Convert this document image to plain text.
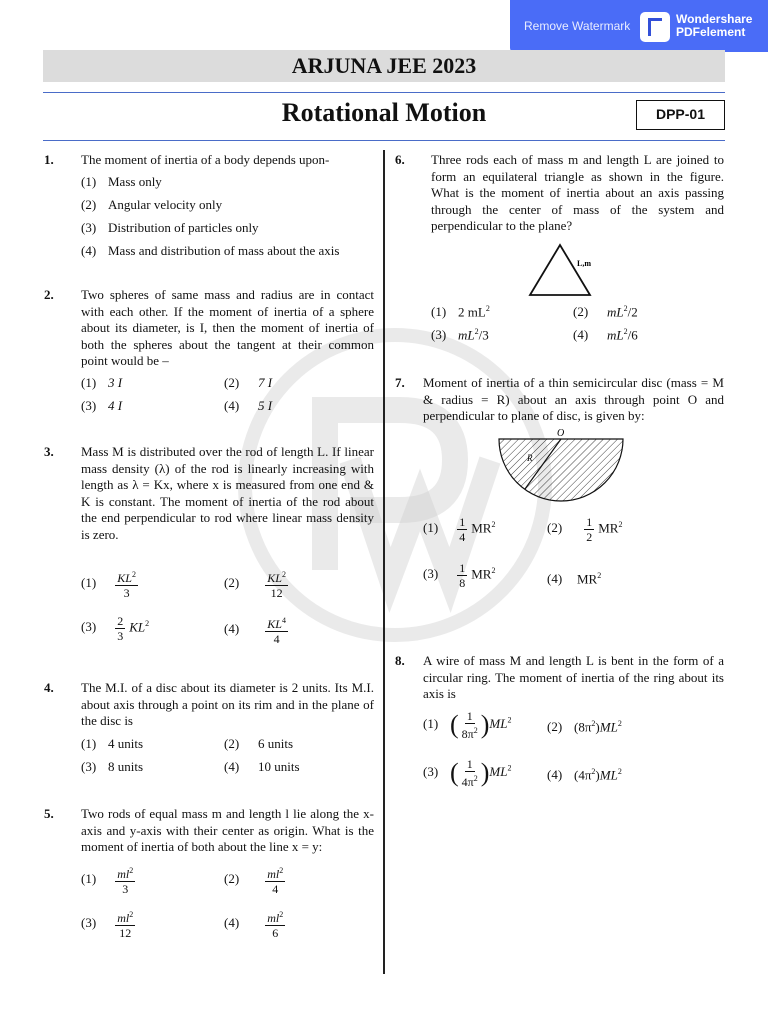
Remove Watermark	Wondershare
PDFelement
ARJUNA JEE 2023
Rotational Motion	DPP-01
1. The moment of inertia of a body depends upon-
(1) Mass only
(2) Angular velocity only
(3) Distribution of particles only
(4) Mass and distribution of mass about the axis
2. Two spheres of same mass and radius are in contact with each other. If the moment of inertia of a sphere about its diameter, is I, then the moment of inertia of both the spheres about the tangent at their common point would be –
(1) 3 I	(2) 7 I
(3) 4 I	(4) 5 I
3. Mass M is distributed over the rod of length L. If linear mass density (λ) of the rod is linearly increasing with length as λ = Kx, where x is measured from one end & K is constant. The moment of inertia of the rod about the end perpendicular to rod where linear mass density is zero.
$(1) \frac{KL^2}{3}$	$(2) \frac{KL^2}{12}$
$(3) \frac{2}{3} KL^2$	$(4) \frac{KL^4}{4}$
4. The M.I. of a disc about its diameter is 2 units. Its M.I. about axis through a point on its rim and in the plane of the disc is
(1) 4 units	(2) 6 units
(3) 8 units	(4) 10 units
5. Two rods of equal mass m and length l lie along the x-axis and y-axis with their center as origin. What is the moment of inertia of both about the line x = y:
$(1) \frac{ml^2}{3}$	$(2) \frac{ml^2}{4}$
$(3) \frac{ml^2}{12}$	$(4) \frac{ml^2}{6}$
6. Three rods each of mass m and length L are joined to form an equilateral triangle as shown in the figure. What is the moment of inertia about an axis passing through the center of mass of the system and perpendicular to the plane?
L,m
(1) 2 $mL^2$	(2) $mL^2/2$
(3) $mL^2/3$	(4) $mL^2/6$
7. Moment of inertia of a thin semicircular disc (mass = M & radius = R) about an axis through point O and perpendicular to plane of disc, is given by:
O
R
$(1) \frac{1}{4} MR^2$	$(2) \frac{1}{2} MR^2$
$(3) \frac{1}{8} MR^2$
(4) $MR^2$
8. A wire of mass M and length L is bent in the form of a circular ring. The moment of inertia of the ring about its axis is
(1) ( $\frac{1}{8\pi^2} )ML^2$	(2) $(8\pi^2)ML^2$
(3) ( $\frac{1}{4\pi^2} )ML^2$	(4) $(4\pi^2)ML^2$
